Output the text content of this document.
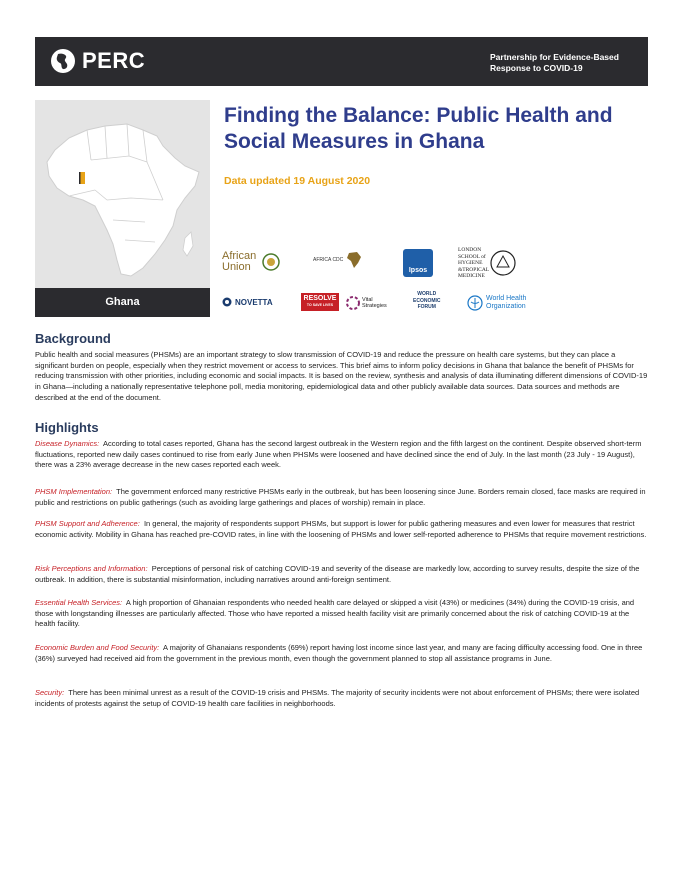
PERC	Partnership for Evidence-Based Response to COVID-19
Ghana
Finding the Balance: Public Health and Social Measures in Ghana
Data updated 19 August 2020
African Union
AFRICA CDC
Ipsos
LONDON
SCHOOL of
HYGIENE
&TROPICAL
MEDICINE
NOVETTA	RESOLVE
TO SAVE LIVES
Vital Strategies
WORLD
ECONOMIC
FORUM
World Health Organization
Background
Public health and social measures (PHSMs) are an important strategy to slow transmission of COVID-19 and reduce the pressure on health care systems, but they can place a significant burden on people, especially when they restrict movement or access to services. This brief aims to inform policy decisions in Ghana that balance the benefit of PHSMs for reducing transmission with other priorities, including economic and social impacts. It is based on the review, synthesis and analysis of data illuminating different dimensions of COVID-19 in Ghana—including a nationally representative telephone poll, media monitoring, epidemiological data and other publicly available data sources. Data sources and methods are described at the end of the document.
Highlights
Disease Dynamics: According to total cases reported, Ghana has the second largest outbreak in the Western region and the fifth largest on the continent. Despite observed short-term fluctuations, reported new daily cases continued to rise from early June when PHSMs were loosened and have declined since the end of July. In the last month (23 July - 19 August), there was a 23% average decrease in the new cases reported each week.
PHSM Implementation: The government enforced many restrictive PHSMs early in the outbreak, but has been loosening since June. Borders remain closed, face masks are required in public and restrictions on public gatherings (such as avoiding large gatherings and places of worship) remain in place.
PHSM Support and Adherence: In general, the majority of respondents support PHSMs, but support is lower for public gathering measures and even lower for measures that restrict economic activity. Mobility in Ghana has reached pre-COVID rates, in line with the loosening of PHSMs and lower self-reported adherence to PHSMs that require movement restrictions.
Risk Perceptions and Information: Perceptions of personal risk of catching COVID-19 and severity of the disease are markedly low, according to survey results, despite the size of the outbreak. In addition, there is substantial misinformation, including narratives around anti-foreign sentiment.
Essential Health Services: A high proportion of Ghanaian respondents who needed health care delayed or skipped a visit (43%) or medicines (34%) during the COVID-19 crisis, and those with longstanding illnesses are particularly affected. Those who have reported a missed health facility visit are primarily concerned about the risk of catching COVID-19 at the health facility.
Economic Burden and Food Security: A majority of Ghanaians respondents (69%) report having lost income since last year, and many are facing difficulty accessing food. One in three (36%) surveyed had received aid from the government in the previous month, even though the government planned to stop all assistance programs in June.
Security: There has been minimal unrest as a result of the COVID-19 crisis and PHSMs. The majority of security incidents were not about enforcement of PHSMs; there were isolated incidents of protests against the setup of COVID-19 health care facilities in neighborhoods.
